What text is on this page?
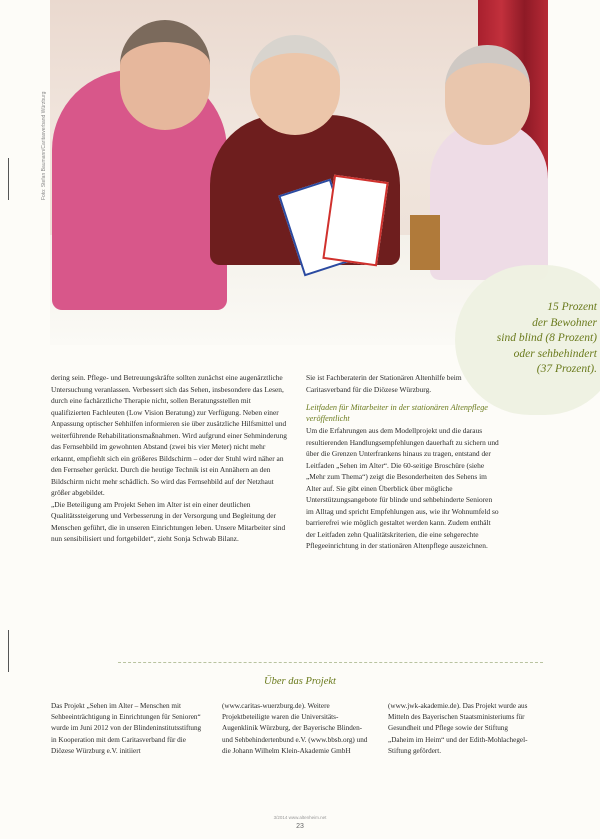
Foto: Stefan Baumann/Caritasverband Würzburg
15 Prozent
der Bewohner
sind blind (8 Prozent)
oder sehbehindert
(37 Prozent).

dering sein. Pflege- und Betreuungskräfte sollten zunächst eine augenärztliche Untersuchung veranlassen. Verbessert sich das Sehen, insbesondere das Lesen, durch eine fachärztliche Therapie nicht, sollen Beratungsstellen mit qualifizierten Fachleuten (Low Vision Beratung) zur Verfügung. Neben einer Anpassung optischer Sehhilfen informieren sie über zusätzliche Hilfsmittel und weiterführende Rehabilitationsmaßnahmen. Wird aufgrund einer Sehminderung das Fernsehbild im gewohnten Abstand (zwei bis vier Meter) nicht mehr erkannt, empfiehlt sich ein größeres Bildschirm – oder der Stuhl wird näher an den Fernseher gerückt. Durch die heutige Technik ist ein Annähern an den Bildschirm nicht mehr schädlich. So wird das Fernsehbild auf der Netzhaut größer abgebildet.

„Die Beteiligung am Projekt Sehen im Alter ist ein einer deutlichen Qualitätssteigerung und Verbesserung in der Versorgung und Begleitung der Menschen geführt, die in unseren Einrichtungen leben. Unsere Mitarbeiter sind nun sensibilisiert und fortgebildet“, zieht Sonja Schwab Bilanz.

Sie ist Fachberaterin der Stationären Altenhilfe beim Caritasverband für die Diözese Würzburg.

Leitfaden für Mitarbeiter in der stationären Altenpflege veröffentlicht

Um die Erfahrungen aus dem Modellprojekt und die daraus resultierenden Handlungsempfehlungen dauerhaft zu sichern und über die Grenzen Unterfrankens hinaus zu tragen, entstand der Leitfaden „Sehen im Alter“. Die 60-seitige Broschüre (siehe „Mehr zum Thema“) zeigt die Besonderheiten des Sehens im Alter auf. Sie gibt einen Überblick über mögliche Unterstützungsangebote für blinde und sehbehinderte Senioren im Alltag und spricht Empfehlungen aus, wie ihr Wohnumfeld so barrierefrei wie möglich gestaltet werden kann. Zudem enthält der Leitfaden zehn Qualitätskriterien, die eine sehgerechte Pflegeeinrichtung in der stationären Altenpflege auszeichnen.

Über das Projekt
Das Projekt „Sehen im Alter – Menschen mit Sehbeeinträchtigung in Einrichtungen für Senioren“ wurde im Juni 2012 von der Blindeninstitutsstiftung in Kooperation mit dem Caritasverband für die Diözese Würzburg e.V. initiiert
(www.caritas-wuerzburg.de). Weitere Projektbeteiligte waren die Universitäts-Augenklinik Würzburg, der Bayerische Blinden- und Sehbehindertenbund e.V. (www.bbsb.org) und die Johann Wilhelm Klein-Akademie GmbH
(www.jwk-akademie.de). Das Projekt wurde aus Mitteln des Bayerischen Staatsministeriums für Gesundheit und Pflege sowie der Stiftung „Daheim im Heim“ und der Edith-Mohlachegel-Stiftung gefördert.
3/2014 www.altenheim.net
23
